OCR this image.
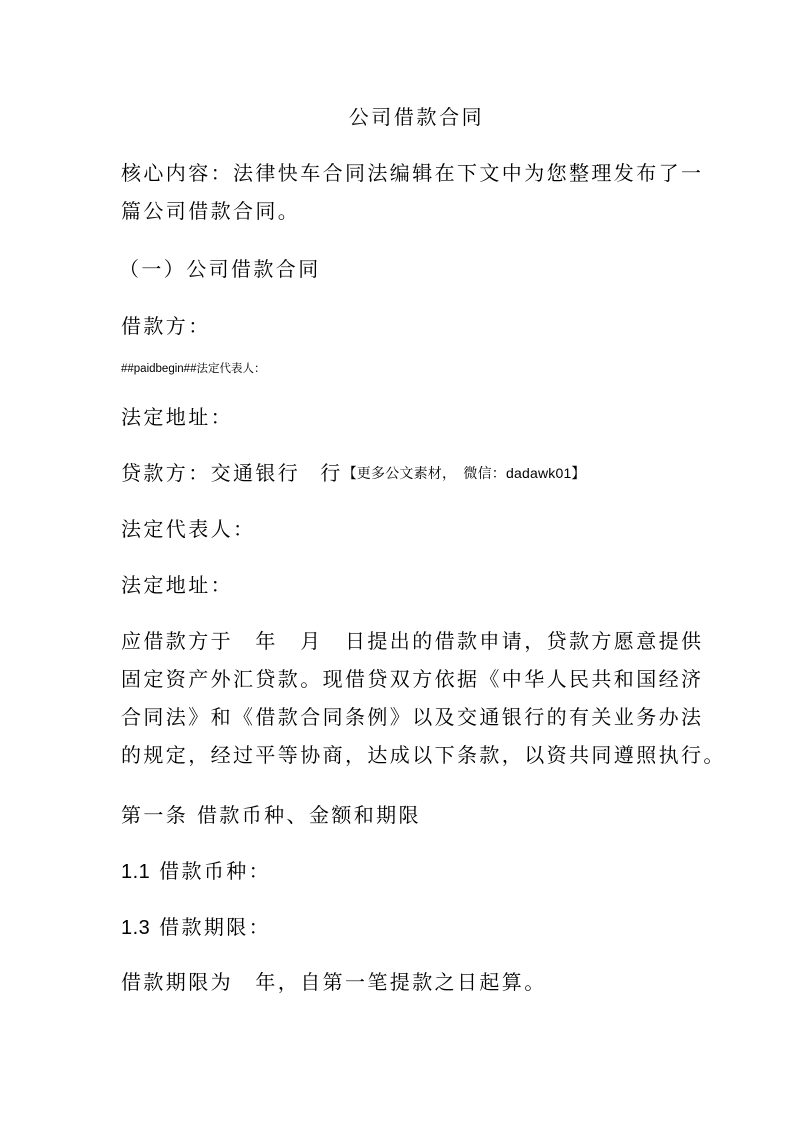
公司借款合同
核心内容：法律快车合同法编辑在下文中为您整理发布了一
篇公司借款合同。
（一）公司借款合同
借款方：
##paidbegin##法定代表人：
法定地址：
贷款方：交通银行 行【更多公文素材，　微信：dadawk01】
法定代表人：
法定地址：
应借款方于　年　月　日提出的借款申请，贷款方愿意提供
固定资产外汇贷款。现借贷双方依据《中华人民共和国经济
合同法》和《借款合同条例》以及交通银行的有关业务办法
的规定，经过平等协商，达成以下条款，以资共同遵照执行。
第一条 借款币种、金额和期限
1.1 借款币种：
1.3 借款期限：
借款期限为　年，自第一笔提款之日起算。
